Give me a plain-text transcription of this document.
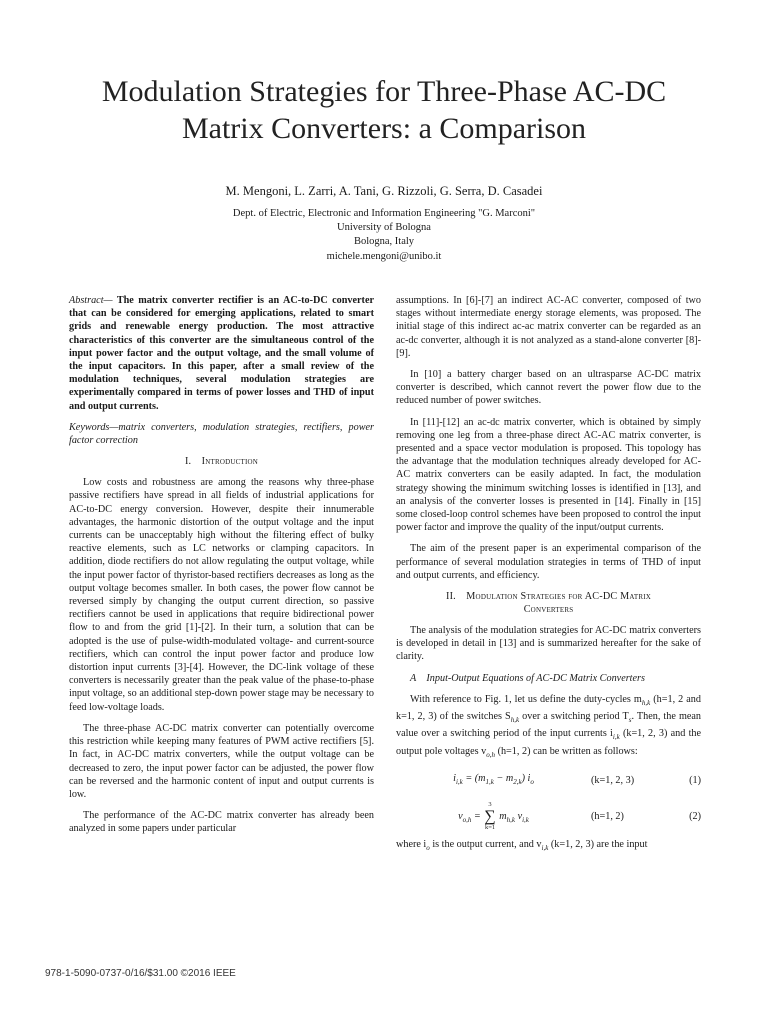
Modulation Strategies for Three-Phase AC-DC
Matrix Converters: a Comparison
M. Mengoni, L. Zarri, A. Tani, G. Rizzoli, G. Serra, D. Casadei
Dept. of Electric, Electronic and Information Engineering "G. Marconi"
University of Bologna
Bologna, Italy
michele.mengoni@unibo.it

Abstract— The matrix converter rectifier is an AC-to-DC converter that can be considered for emerging applications, related to smart grids and renewable energy production. The most attractive characteristics of this converter are the simultaneous control of the input power factor and the output voltage, and the small volume of the input capacitors. In this paper, after a small review of the modulation techniques, several modulation strategies are experimentally compared in terms of power losses and THD of input and output currents.

Keywords—matrix converters, modulation strategies, rectifiers, power factor correction

I. Introduction

Low costs and robustness are among the reasons why three-phase passive rectifiers have spread in all fields of industrial applications for AC-to-DC energy conversion. However, despite their innumerable advantages, the harmonic distortion of the output voltage and the input currents can be unacceptably high without the filtering effect of bulky reactive elements, such as LC networks or clamping capacitors. In addition, diode rectifiers do not allow regulating the output voltage, while the input power factor of thyristor-based rectifiers decreases as long as the output voltage becomes smaller. In both cases, the power flow cannot be reversed simply by changing the output current direction, so passive rectifiers cannot be used in applications that require bidirectional power flow to and from the grid [1]-[2]. In their turn, a solution that can be adopted is the use of pulse-width-modulated voltage- and current-source rectifiers, which can control the input power factor and produce low distortion input currents [3]-[4]. However, the DC-link voltage of these converters is necessarily greater than the peak value of the phase-to-phase input voltage, so an additional step-down power stage may be necessary to feed low-voltage loads.

The three-phase AC-DC matrix converter can potentially overcome this restriction while keeping many features of PWM active rectifiers [5]. In fact, in AC-DC matrix converters, while the output voltage can be decreased to zero, the input power factor can be adjusted, the power flow can be reversed and the harmonic content of input and output currents is low.

The performance of the AC-DC matrix converter has already been analyzed in some papers under particular

assumptions. In [6]-[7] an indirect AC-AC converter, composed of two stages without intermediate energy storage elements, was proposed. The initial stage of this indirect ac-ac matrix converter can be regarded as an ac-dc converter, although it is not analyzed as a stand-alone converter [8]-[9].

In [10] a battery charger based on an ultrasparse AC-DC matrix converter is described, which cannot revert the power flow due to the reduced number of power switches.

In [11]-[12] an ac-dc matrix converter, which is obtained by simply removing one leg from a three-phase direct AC-AC matrix converter, is presented and a space vector modulation is proposed. This topology has the advantage that the modulation techniques already developed for AC-AC matrix converters can be easily adapted. In fact, the modulation strategy showing the minimum switching losses is identified in [13], and an analysis of the converter losses is presented in [14]. Finally in [15] some closed-loop control schemes have been proposed to control the input power factor and improve the quality of the input/output currents.

The aim of the present paper is an experimental comparison of the performance of several modulation strategies in terms of THD of input and output currents, and efficiency.

II. Modulation Strategies for AC-DC Matrix
Converters

The analysis of the modulation strategies for AC-DC matrix converters is developed in detail in [13] and is summarized hereafter for the sake of clarity.

A Input-Output Equations of AC-DC Matrix Converters

With reference to Fig. 1, let us define the duty-cycles $m_{h,k}$ (h=1, 2 and k=1, 2, 3) of the switches $S_{h,k}$ over a switching period $T_s$. Then, the mean value over a switching period of the input currents $i_{i,k}$ (k=1, 2, 3) and the output pole voltages $v_{o,h}$ (h=1, 2) can be written as follows:

$i_{i,k} = (m_{1,k} - m_{2,k})$ $i_o$	(k=1, 2, 3)	(1)
$v_{o,h}$ =
3
∑
k=1
$m_{h,k}$ $v_{i,k}$	(h=1, 2)	(2)

where $i_o$ is the output current, and $v_{i,k}$ (k=1, 2, 3) are the input

978-1-5090-0737-0/16/$31.00 ©2016 IEEE
